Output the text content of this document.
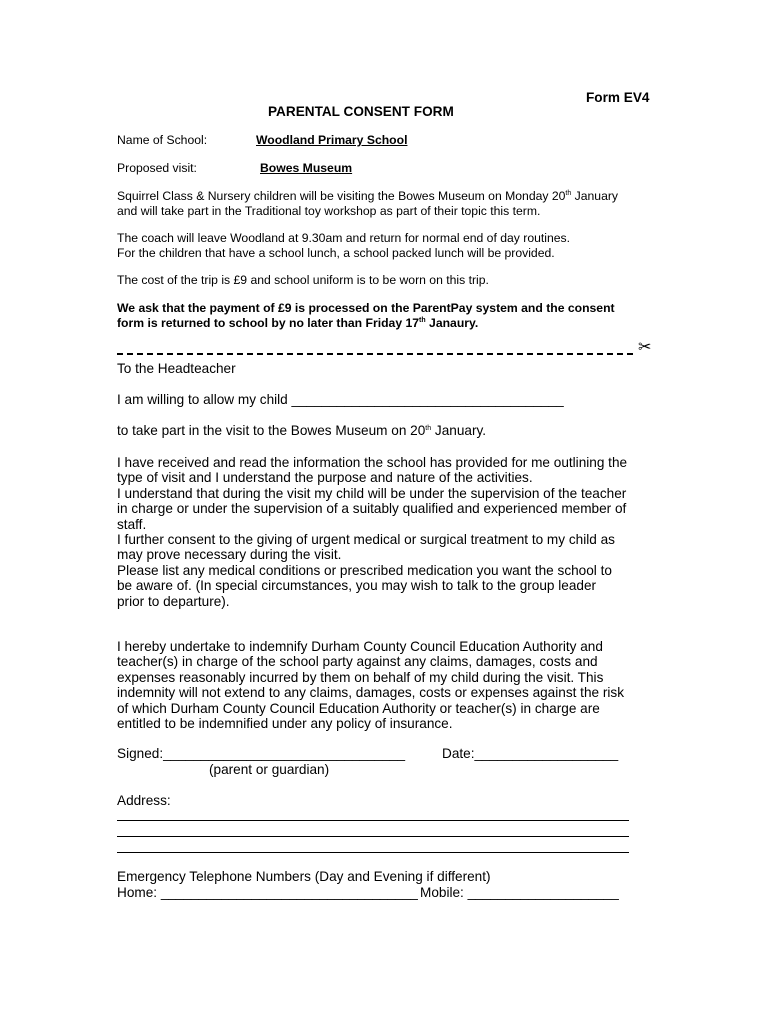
Form EV4
PARENTAL CONSENT FORM
Name of School:	Woodland Primary School
Proposed visit:	Bowes Museum
Squirrel Class & Nursery children will be visiting the Bowes Museum on Monday 20th January
and will take part in the Traditional toy workshop as part of their topic this term.
The coach will leave Woodland at 9.30am and return for normal end of day routines.
For the children that have a school lunch, a school packed lunch will be provided.
The cost of the trip is £9 and school uniform is to be worn on this trip.
We ask that the payment of £9 is processed on the ParentPay system and the consent
form is returned to school by no later than Friday 17th Janaury.
✂
To the Headteacher
I am willing to allow my child ____________________________________
to take part in the visit to the Bowes Museum on 20th January.
I have received and read the information the school has provided for me outlining the
type of visit and I understand the purpose and nature of the activities.
I understand that during the visit my child will be under the supervision of the teacher
in charge or under the supervision of a suitably qualified and experienced member of
staff.
I further consent to the giving of urgent medical or surgical treatment to my child as
may prove necessary during the visit.
Please list any medical conditions or prescribed medication you want the school to
be aware of. (In special circumstances, you may wish to talk to the group leader
prior to departure).
I hereby undertake to indemnify Durham County Council Education Authority and
teacher(s) in charge of the school party against any claims, damages, costs and
expenses reasonably incurred by them on behalf of my child during the visit. This
indemnity will not extend to any claims, damages, costs or expenses against the risk
of which Durham County Council Education Authority or teacher(s) in charge are
entitled to be indemnified under any policy of insurance.
Signed:________________________________
(parent or guardian)
Date:___________________
Address:
Emergency Telephone Numbers (Day and Evening if different)
Home: __________________________________ Mobile: ____________________
